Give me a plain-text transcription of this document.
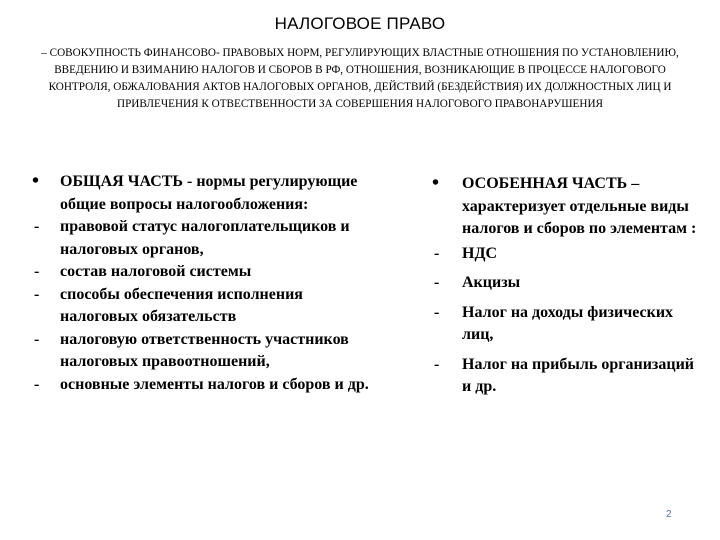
НАЛОГОВОЕ ПРАВО
– СОВОКУПНОСТЬ ФИНАНСОВО- ПРАВОВЫХ НОРМ, РЕГУЛИРУЮЩИХ ВЛАСТНЫЕ ОТНОШЕНИЯ ПО УСТАНОВЛЕНИЮ, ВВЕДЕНИЮ И ВЗИМАНИЮ НАЛОГОВ И СБОРОВ В РФ, ОТНОШЕНИЯ, ВОЗНИКАЮЩИЕ В ПРОЦЕССЕ НАЛОГОВОГО КОНТРОЛЯ, ОБЖАЛОВАНИЯ АКТОВ НАЛОГОВЫХ ОРГАНОВ, ДЕЙСТВИЙ (БЕЗДЕЙСТВИЯ) ИХ ДОЛЖНОСТНЫХ ЛИЦ И ПРИВЛЕЧЕНИЯ К ОТВЕСТВЕННОСТИ ЗА СОВЕРШЕНИЯ НАЛОГОВОГО ПРАВОНАРУШЕНИЯ
•	ОБЩАЯ ЧАСТЬ - нормы регулирующие общие вопросы налогообложения:
-	правовой статус налогоплательщиков и налоговых органов,
-	состав налоговой системы
-	способы обеспечения исполнения налоговых обязательств
-	налоговую ответственность участников налоговых правоотношений,
-	основные элементы налогов и сборов и др.
•	ОСОБЕННАЯ ЧАСТЬ – характеризует отдельные виды налогов и сборов по элементам :
-	НДС
-	Акцизы
-	Налог на доходы физических лиц,
-	Налог на прибыль организаций и др.
2
